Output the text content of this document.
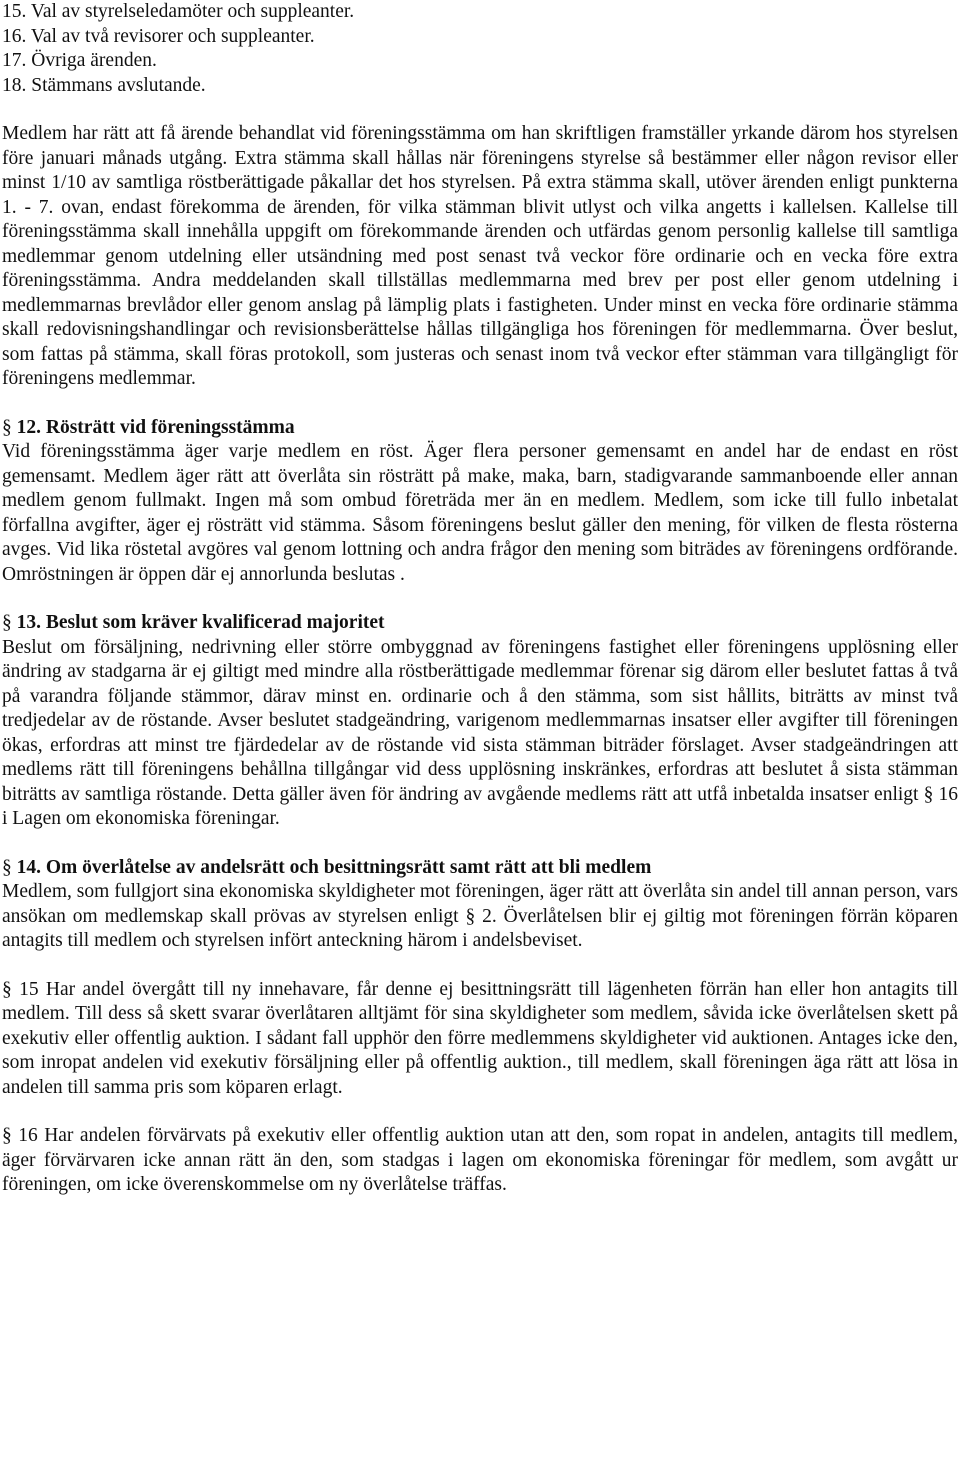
15. Val av styrelseledamöter och suppleanter.
16. Val av två revisorer och suppleanter.
17. Övriga ärenden.
18. Stämmans avslutande.

Medlem har rätt att få ärende behandlat vid föreningsstämma om han skriftligen framställer yrkande därom hos styrelsen före januari månads utgång. Extra stämma skall hållas när föreningens styrelse så bestämmer eller någon revisor eller minst 1/10 av samtliga röstberättigade påkallar det hos styrelsen. På extra stämma skall, utöver ärenden enligt punkterna 1. - 7. ovan, endast förekomma de ärenden, för vilka stämman blivit utlyst och vilka angetts i kallelsen. Kallelse till föreningsstämma skall innehålla uppgift om förekommande ärenden och utfärdas genom personlig kallelse till samtliga medlemmar genom utdelning eller utsändning med post senast två veckor före ordinarie och en vecka före extra föreningsstämma. Andra meddelanden skall tillställas medlemmarna med brev per post eller genom utdelning i medlemmarnas brevlådor eller genom anslag på lämplig plats i fastigheten. Under minst en vecka före ordinarie stämma skall redovisningshandlingar och revisionsberättelse hållas tillgängliga hos föreningen för medlemmarna. Över beslut, som fattas på stämma, skall föras protokoll, som justeras och senast inom två veckor efter stämman vara tillgängligt för föreningens medlemmar.

§ 12. Rösträtt vid föreningsstämma

Vid föreningsstämma äger varje medlem en röst. Äger flera personer gemensamt en andel har de endast en röst gemensamt. Medlem äger rätt att överlåta sin rösträtt på make, maka, barn, stadigvarande sammanboende eller annan medlem genom fullmakt. Ingen må som ombud företräda mer än en medlem. Medlem, som icke till fullo inbetalat förfallna avgifter, äger ej rösträtt vid stämma. Såsom föreningens beslut gäller den mening, för vilken de flesta rösterna avges. Vid lika röstetal avgöres val genom lottning och andra frågor den mening som biträdes av föreningens ordförande. Omröstningen är öppen där ej annorlunda beslutas .

§ 13. Beslut som kräver kvalificerad majoritet

Beslut om försäljning, nedrivning eller större ombyggnad av föreningens fastighet eller föreningens upplösning eller ändring av stadgarna är ej giltigt med mindre alla röstberättigade medlemmar förenar sig därom eller beslutet fattas å två på varandra följande stämmor, därav minst en. ordinarie och å den stämma, som sist hållits, biträtts av minst två tredjedelar av de röstande. Avser beslutet stadgeändring, varigenom medlemmarnas insatser eller avgifter till föreningen ökas, erfordras att minst tre fjärdedelar av de röstande vid sista stämman biträder förslaget. Avser stadgeändringen att medlems rätt till föreningens behållna tillgångar vid dess upplösning inskränkes, erfordras att beslutet å sista stämman biträtts av samtliga röstande. Detta gäller även för ändring av avgående medlems rätt att utfå inbetalda insatser enligt § 16 i Lagen om ekonomiska föreningar.

§ 14. Om överlåtelse av andelsrätt och besittningsrätt samt rätt att bli medlem

Medlem, som fullgjort sina ekonomiska skyldigheter mot föreningen, äger rätt att överlåta sin andel till annan person, vars ansökan om medlemskap skall prövas av styrelsen enligt § 2. Överlåtelsen blir ej giltig mot föreningen förrän köparen antagits till medlem och styrelsen infört anteckning härom i andelsbeviset.

§ 15 Har andel övergått till ny innehavare, får denne ej besittningsrätt till lägenheten förrän han eller hon antagits till medlem. Till dess så skett svarar överlåtaren alltjämt för sina skyldigheter som medlem, såvida icke överlåtelsen skett på exekutiv eller offentlig auktion. I sådant fall upphör den förre medlemmens skyldigheter vid auktionen. Antages icke den, som inropat andelen vid exekutiv försäljning eller på offentlig auktion., till medlem, skall föreningen äga rätt att lösa in andelen till samma pris som köparen erlagt.

§ 16 Har andelen förvärvats på exekutiv eller offentlig auktion utan att den, som ropat in andelen, antagits till medlem, äger förvärvaren icke annan rätt än den, som stadgas i lagen om ekonomiska föreningar för medlem, som avgått ur föreningen, om icke överenskommelse om ny överlåtelse träffas.
